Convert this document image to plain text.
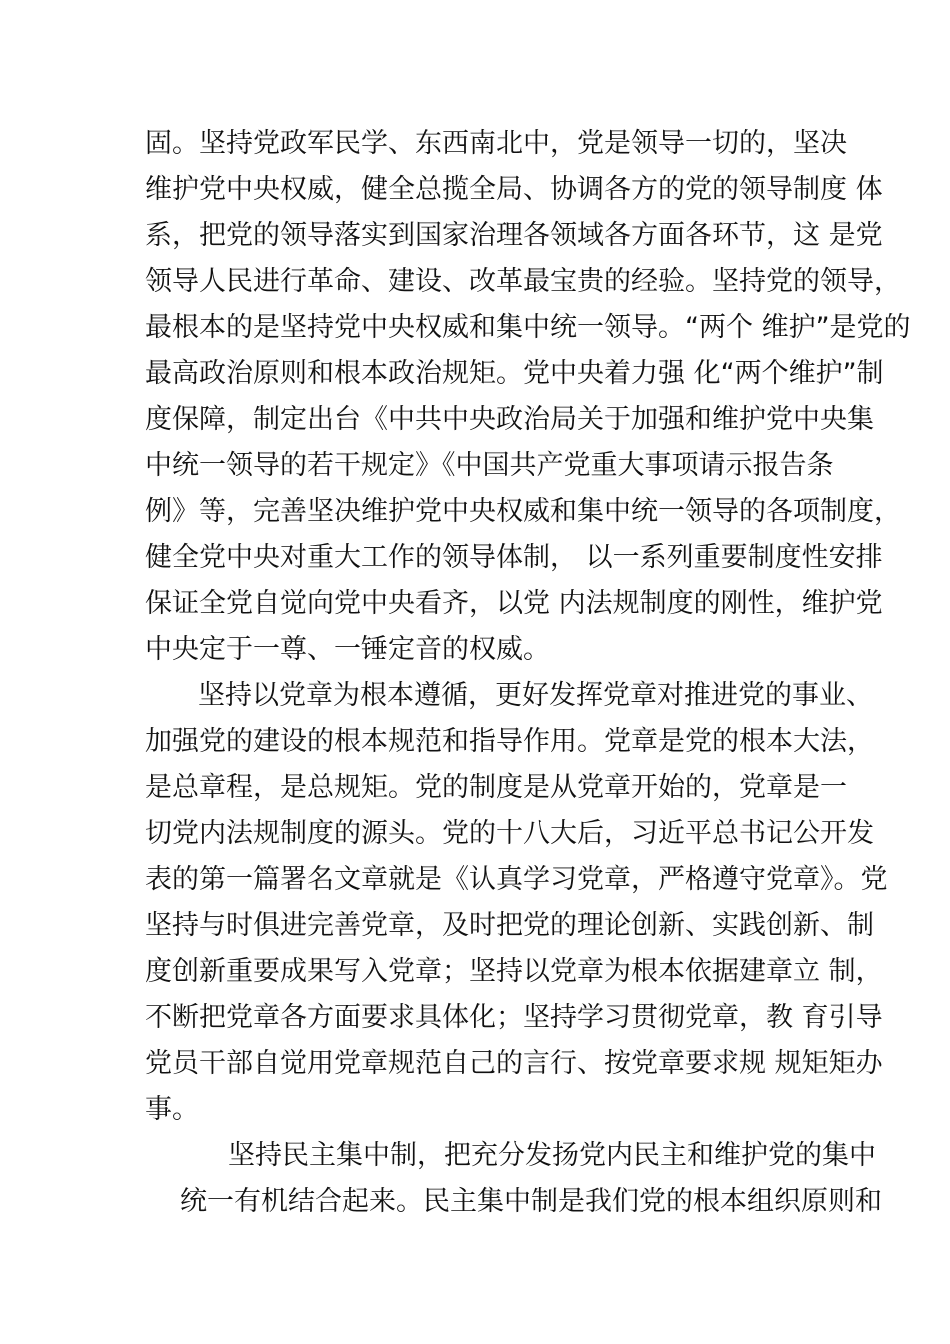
固。坚持党政军民学、东西南北中，党是领导一切的，坚决
维护党中央权威，健全总揽全局、协调各方的党的领导制度 体
系，把党的领导落实到国家治理各领域各方面各环节，这 是党
领导人民进行革命、建设、改革最宝贵的经验。坚持党的领导，
最根本的是坚持党中央权威和集中统一领导。“两个 维护”是党的
最高政治原则和根本政治规矩。党中央着力强 化“两个维护”制
度保障，制定出台《中共中央政治局关于加强和维护党中央集
中统一领导的若干规定》《中国共产党重大事项请示报告条
例》等，完善坚决维护党中央权威和集中统一领导的各项制度，
健全党中央对重大工作的领导体制， 以一系列重要制度性安排
保证全党自觉向党中央看齐，以党 内法规制度的刚性，维护党
中央定于一尊、一锤定音的权威。
坚持以党章为根本遵循，更好发挥党章对推进党的事业、
加强党的建设的根本规范和指导作用。党章是党的根本大法，
是总章程，是总规矩。党的制度是从党章开始的，党章是一
切党内法规制度的源头。党的十八大后，习近平总书记公开发
表的第一篇署名文章就是《认真学习党章，严格遵守党章》。党
坚持与时俱进完善党章，及时把党的理论创新、实践创新、制
度创新重要成果写入党章；坚持以党章为根本依据建章立 制，
不断把党章各方面要求具体化；坚持学习贯彻党章，教 育引导
党员干部自觉用党章规范自己的言行、按党章要求规 规矩矩办
事。
坚持民主集中制，把充分发扬党内民主和维护党的集中
统一有机结合起来。民主集中制是我们党的根本组织原则和
